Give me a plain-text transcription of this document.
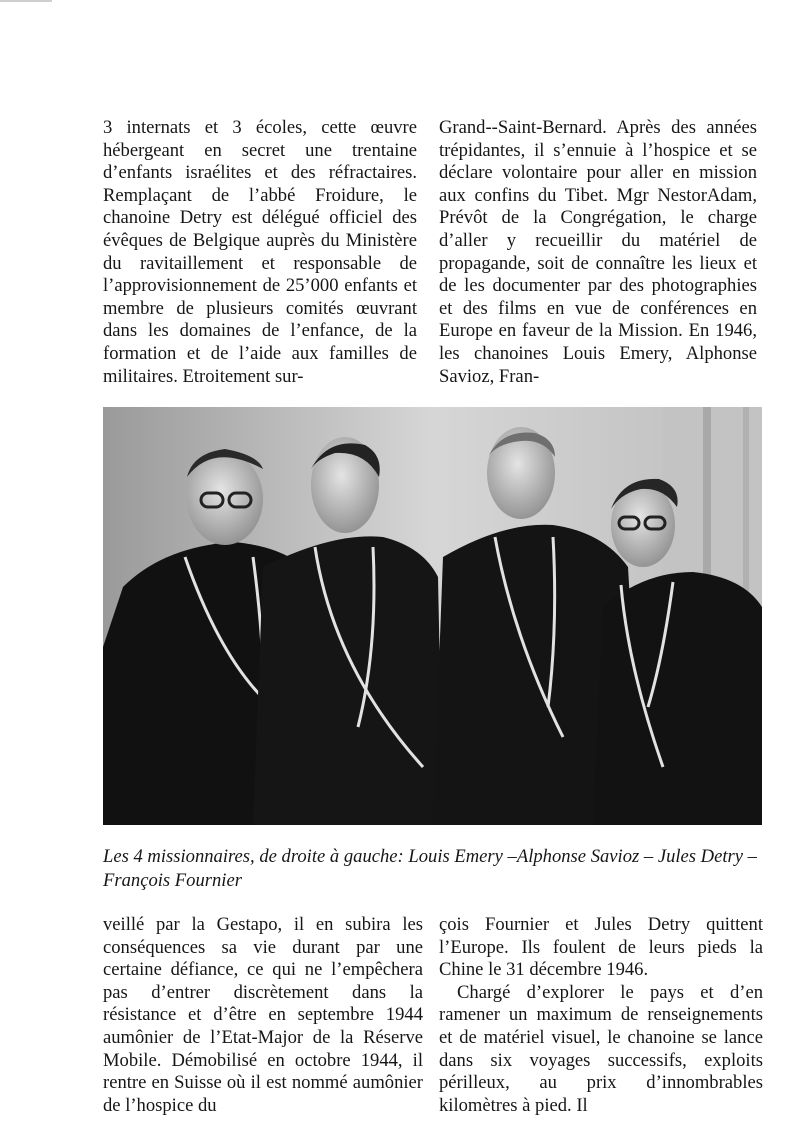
3 internats et 3 écoles, cette œuvre hébergeant en secret une trentaine d’enfants israélites et des réfractaires. Remplaçant de l’abbé Froidure, le chanoine Detry est délégué officiel des évêques de Belgique auprès du Ministère du ravitaillement et responsable de l’approvisionnement de 25’000 enfants et membre de plusieurs comités œuvrant dans les domaines de l’enfance, de la formation et de l’aide aux familles de militaires. Etroitement sur-

Grand--Saint-Bernard. Après des années trépidantes, il s’ennuie à l’hospice et se déclare volontaire pour aller en mission aux confins du Tibet. Mgr NestorAdam, Prévôt de la Congrégation, le charge d’aller y recueillir du matériel de propagande, soit de connaître les lieux et de les documenter par des photographies et des films en vue de conférences en Europe en faveur de la Mission. En 1946, les chanoines Louis Emery, Alphonse Savioz, Fran-

Les 4 missionnaires, de droite à gauche: Louis Emery –Alphonse Savioz – Jules Detry – François Fournier

veillé par la Gestapo, il en subira les conséquences sa vie durant par une certaine défiance, ce qui ne l’empêchera pas d’entrer discrètement dans la résistance et d’être en septembre 1944 aumônier de l’Etat-Major de la Réserve Mobile. Démobilisé en octobre 1944, il rentre en Suisse où il est nommé aumônier de l’hospice du

çois Fournier et Jules Detry quittent l’Europe. Ils foulent de leurs pieds la Chine le 31 décembre 1946.

Chargé d’explorer le pays et d’en ramener un maximum de renseignements et de matériel visuel, le chanoine se lance dans six voyages successifs, exploits périlleux, au prix d’innombrables kilomètres à pied. Il
